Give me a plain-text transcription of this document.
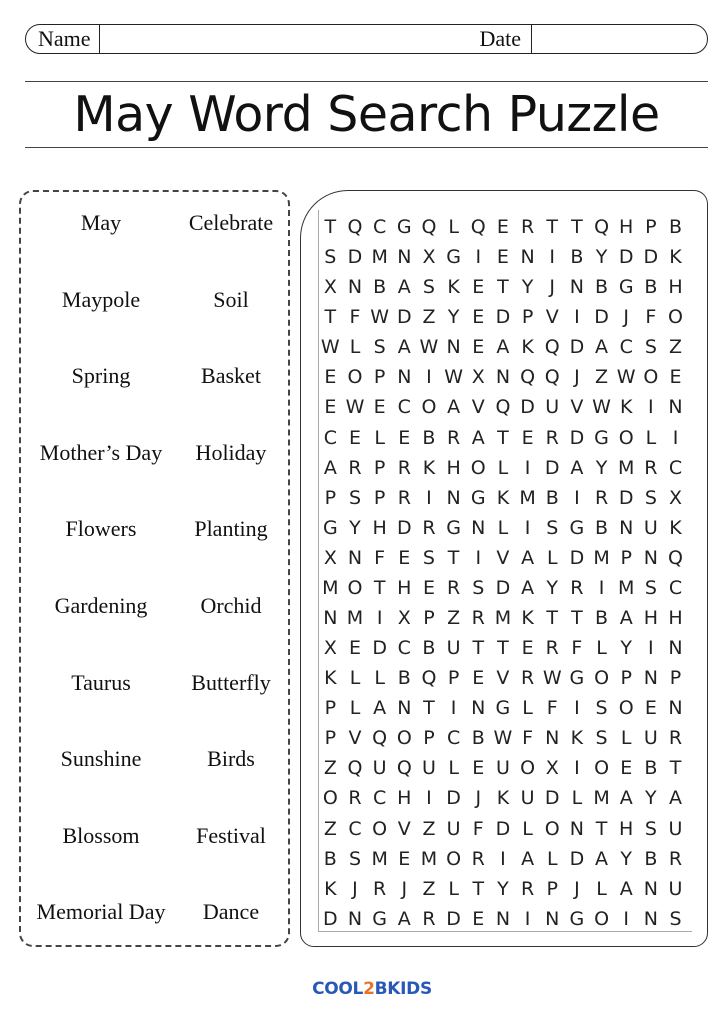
Name	Date
May Word Search Puzzle
May
Maypole
Spring
Mother’s Day
Flowers
Gardening
Taurus
Sunshine
Blossom
Memorial Day
Celebrate
Soil
Basket
Holiday
Planting
Orchid
Butterfly
Birds
Festival
Dance
T Q C G Q L Q E R T T Q H P B
S D M N X G I E N I B Y D D K
X N B A S K E T Y J N B G B H
T F W D Z Y E D P V I D J F O
W L S A W N E A K Q D A C S Z
E O P N I W X N Q Q J Z W O E
E W E C O A V Q D U V W K I N
C E L E B R A T E R D G O L I
A R P R K H O L I D A Y M R C
P S P R I N G K M B I R D S X
G Y H D R G N L I S G B N U K
X N F E S T I V A L D M P N Q
M O T H E R S D A Y R I M S C
N M I X P Z R M K T T B A H H
X E D C B U T T E R F L Y I N
K L L B Q P E V R W G O P N P
P L A N T I N G L F I S O E N
P V Q O P C B W F N K S L U R
Z Q U Q U L E U O X I O E B T
O R C H I D J K U D L M A Y A
Z C O V Z U F D L O N T H S U
B S M E M O R I A L D A Y B R
K J R J Z L T Y R P J L A N U
D N G A R D E N I N G O I N S
COOL2BKIDS
